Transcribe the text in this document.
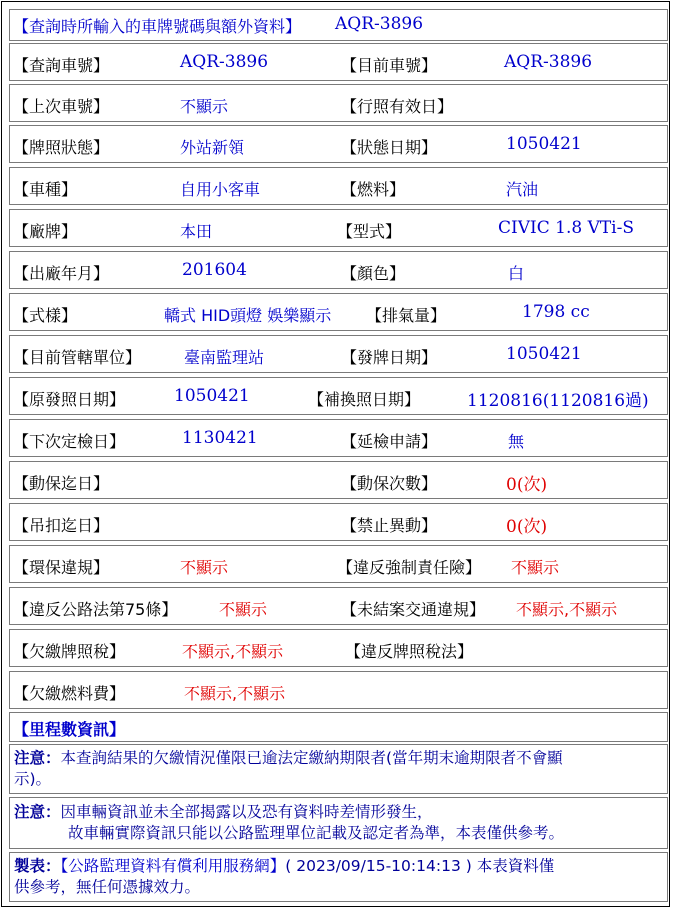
【查詢時所輸入的車牌號碼與額外資料】 AQR-3896
【查詢車號】	AQR-3896	【目前車號】	AQR-3896
【上次車號】	不顯示	【行照有效日】
【牌照狀態】	外站新領	【狀態日期】	1050421
【車種】	自用小客車	【燃料】	汽油
【廠牌】	本田	【型式】	CIVIC 1.8 VTi-S
【出廠年月】	201604	【顏色】	白
【式樣】	轎式 HID頭燈 娛樂顯示 【排氣量】	1798 cc
【目前管轄單位】	臺南監理站	【發牌日期】	1050421
【原發照日期】	1050421	【補換照日期】	1120816(1120816過)
【下次定檢日】	1130421	【延檢申請】	無
【動保迄日】	【動保次數】	0(次)
【吊扣迄日】	【禁止異動】	0(次)
【環保違規】	不顯示	【違反強制責任險】 不顯示
【違反公路法第75條】	不顯示	【未結案交通違規】 不顯示,不顯示
【欠繳牌照稅】	不顯示,不顯示	【違反牌照稅法】
【欠繳燃料費】	不顯示,不顯示
【里程數資訊】
注意：本查詢結果的欠繳情況僅限已逾法定繳納期限者(當年期末逾期限者不會顯
示)。
注意：因車輛資訊並未全部揭露以及恐有資料時差情形發生，
故車輛實際資訊只能以公路監理單位記載及認定者為準，本表僅供參考。
製表：【公路監理資料有償利用服務網】( 2023/09/15-10:14:13 ) 本表資料僅
供參考，無任何憑據效力。
